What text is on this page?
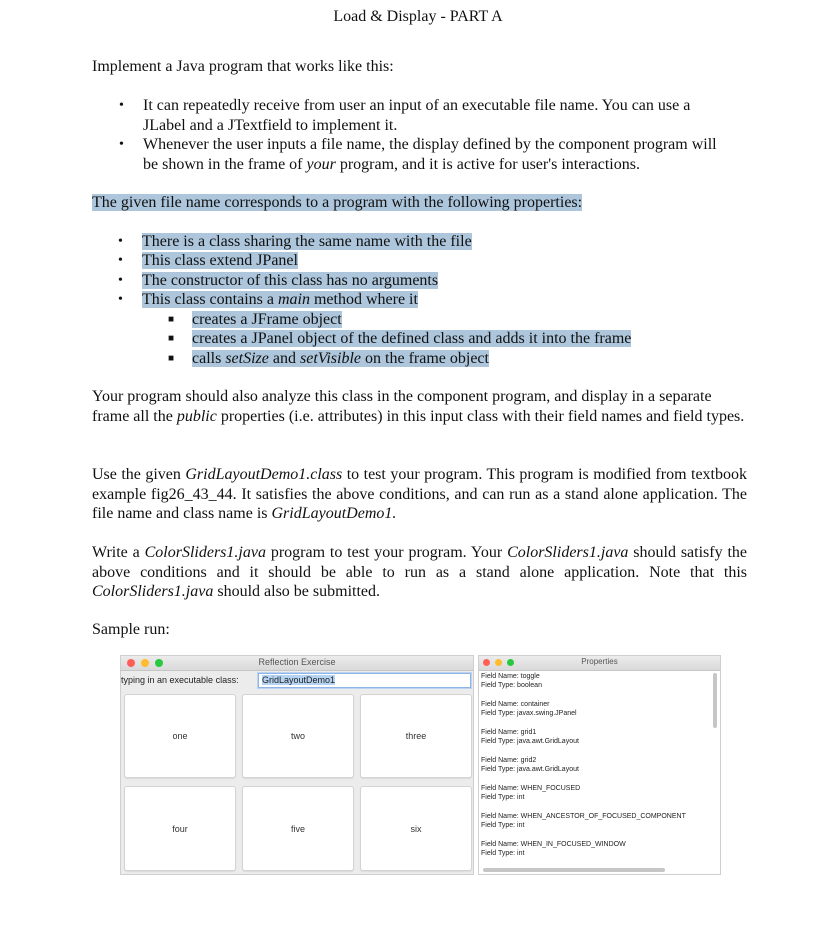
Load & Display - PART A
Implement a Java program that works like this:
• It can repeatedly receive from user an input of an executable file name. You can use a
JLabel and a JTextfield to implement it.
• Whenever the user inputs a file name, the display defined by the component program will
be shown in the frame of your program, and it is active for user's interactions.
The given file name corresponds to a program with the following properties:
• There is a class sharing the same name with the file
• This class extend JPanel
• The constructor of this class has no arguments
• This class contains a main method where it
■ creates a JFrame object
■ creates a JPanel object of the defined class and adds it into the frame
■ calls setSize and setVisible on the frame object
Your program should also analyze this class in the component program, and display in a separate frame all the public properties (i.e. attributes) in this input class with their field names and field types.
Use the given GridLayoutDemo1.class to test your program. This program is modified from textbook example fig26_43_44. It satisfies the above conditions, and can run as a stand alone application. The file name and class name is GridLayoutDemo1.
Write a ColorSliders1.java program to test your program. Your ColorSliders1.java should satisfy the above conditions and it should be able to run as a stand alone application. Note that this ColorSliders1.java should also be submitted.
Sample run:
Reflection Exercise
typing in an executable class:	GridLayoutDemo1
one	two	three
four	five	six
Properties
Field Name: toggle
Field Type: boolean
Field Name: container
Field Type: javax.swing.JPanel
Field Name: grid1
Field Type: java.awt.GridLayout
Field Name: grid2
Field Type: java.awt.GridLayout
Field Name: WHEN_FOCUSED
Field Type: int
Field Name: WHEN_ANCESTOR_OF_FOCUSED_COMPONENT
Field Type: int
Field Name: WHEN_IN_FOCUSED_WINDOW
Field Type: int
